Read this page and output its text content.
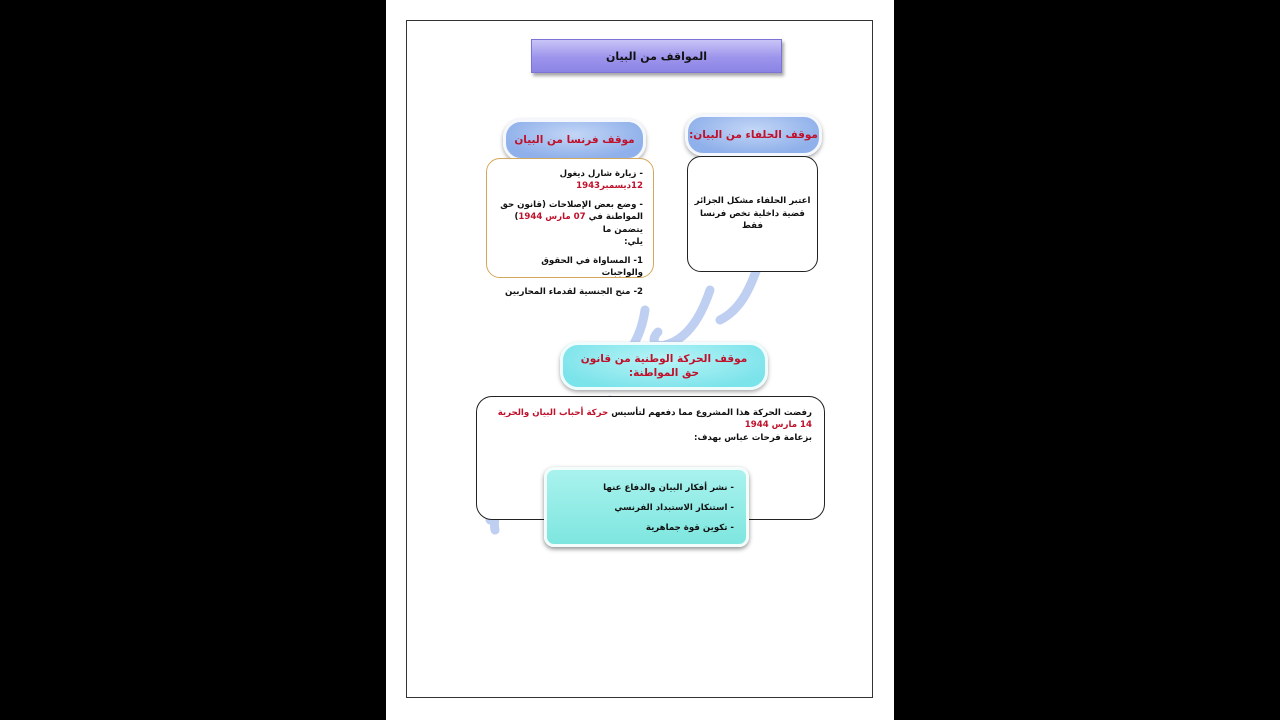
المواقف من البيان
موقف فرنسا من البيان
- زيارة شارل ديغول 12ديسمبر1943
- وضع بعض الإصلاحات (قانون حق
المواطنة في 07 مارس 1944) يتضمن ما
يلي:
1- المساواة في الحقوق والواجبات
2- منح الجنسية لقدماء المحاربين
موقف الحلفاء من البيان:
اعتبر الحلفاء مشكل الجزائر قضية داخلية تخص فرنسا فقط
موقف الحركة الوطنية من قانون حق المواطنة:
رفضت الحركة هذا المشروع مما دفعهم لتأسيس حركة أحباب البيان والحرية 14 مارس 1944
بزعامة فرحات عباس بهدف:
- نشر أفكار البيان والدفاع عنها
- استنكار الاستبداد الفرنسي
- تكوين قوة جماهرية
